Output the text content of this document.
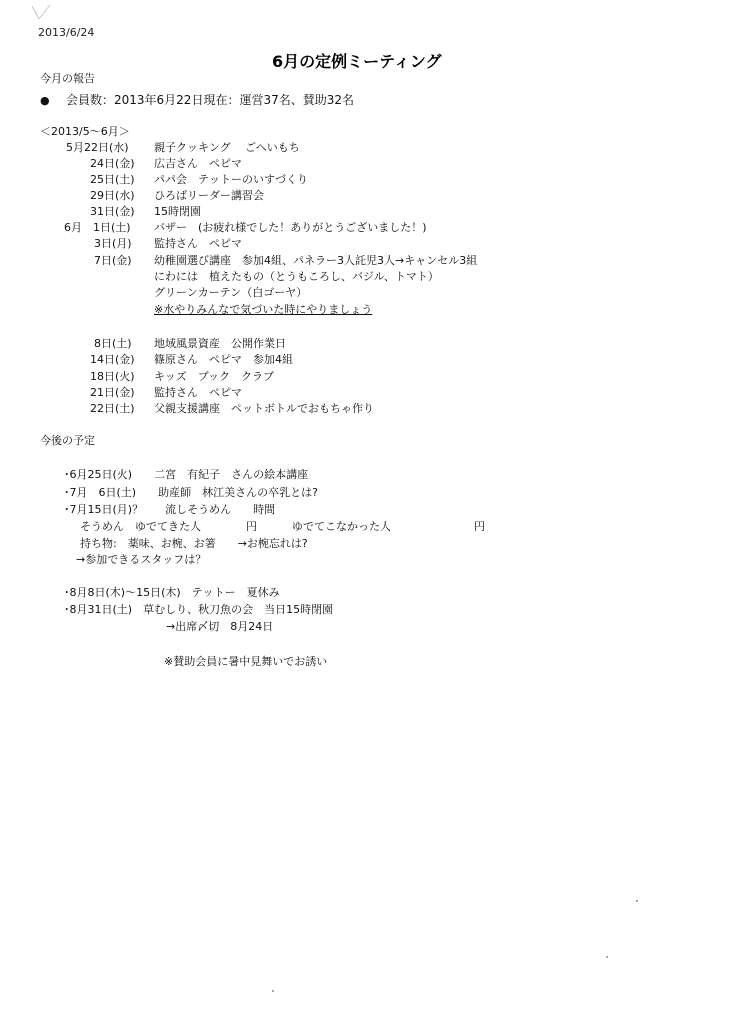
2013/6/24
6月の定例ミーティング
今月の報告
● 会員数：2013年6月22日現在：運営37名、賛助32名
＜2013/5～6月＞
5月22日(水) 親子クッキング　 ごへいもち
24日(金) 広吉さん　ペピマ
25日(土) パパ会　テットーのいすづくり
29日(水) ひろばリーダー講習会
31日(金) 15時閉園
6月　1日(土) バザー　(お疲れ様でした！ありがとうございました！)
3日(月) 監持さん　ペピマ
7日(金) 幼稚園選び講座　参加4組、パネラー3人託児3人→キャンセル3組
にわには　植えたもの（とうもころし、バジル、トマト）
グリーンカーテン（白ゴーヤ）
※水やりみんなで気づいた時にやりましょう
8日(土) 地域風景資産　公開作業日
14日(金) 篠原さん　ペピマ　参加4組
18日(火) キッズ　ブック　クラブ
21日(金) 監持さん　ペピマ
22日(土) 父親支援講座　ペットボトルでおもちゃ作り
今後の予定
･6月25日(火)　　二宮　有紀子　さんの絵本講座
･7月　6日(土)　　助産師　林江美さんの卒乳とは?
･7月15日(月)？　　流しそうめん　　時間
そうめん　ゆでてきた人	円	ゆでてこなかった人	円
持ち物:　薬味、お椀、お箸　　→お椀忘れは?
→参加できるスタッフは？
･8月8日(木)～15日(木)　テットー　夏休み
･8月31日(土)　草むしり、秋刀魚の会　当日15時閉園
→出席〆切　8月24日
※賛助会員に暑中見舞いでお誘い
